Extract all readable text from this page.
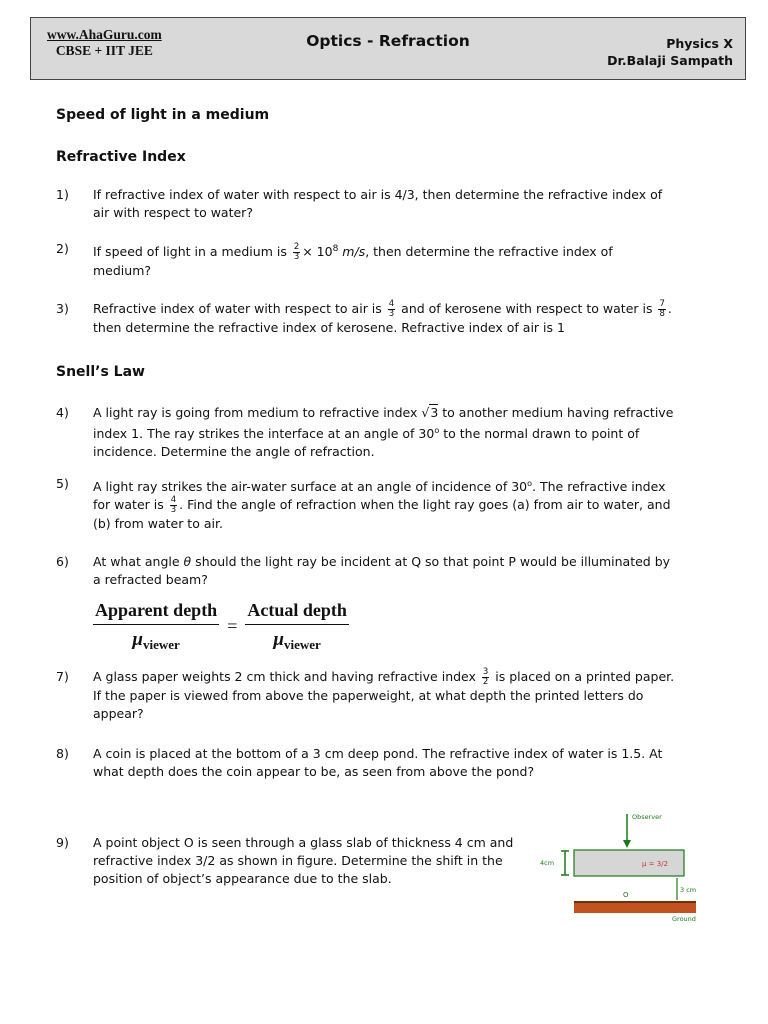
www.AhaGuru.com
CBSE + IIT JEE
Optics - Refraction	Physics X
Dr.Balaji Sampath
Speed of light in a medium
Refractive Index
1) If refractive index of water with respect to air is 4/3, then determine the refractive index of
air with respect to water?
2) If speed of light in a medium is $\frac{2}{3} \times 10^8$ m/s, then determine the refractive index of
medium?
3) Refractive index of water with respect to air is $\frac{4}{3}$ and of kerosene with respect to water is $\frac{7}{8}$ .
then determine the refractive index of kerosene. Refractive index of air is 1
Snell’s Law
4) A light ray is going from medium to refractive index √3 to another medium having refractive
index 1. The ray strikes the interface at an angle of 30$^o$ to the normal drawn to point of
incidence. Determine the angle of refraction.
5) A light ray strikes the air-water surface at an angle of incidence of 30$^o$. The refractive index
for water is $\frac{4}{3}$ . Find the angle of refraction when the light ray goes (a) from air to water, and
(b) from water to air.
6) At what angle θ should the light ray be incident at Q so that point P would be illuminated by
a refracted beam?
Apparent depth
$\mu_{viewer}$
=
Actual depth
$\mu_{viewer}$
7) A glass paper weights 2 cm thick and having refractive index $\frac{3}{2}$ is placed on a printed paper.
If the paper is viewed from above the paperweight, at what depth the printed letters do
appear?
8) A coin is placed at the bottom of a 3 cm deep pond. The refractive index of water is 1.5. At
what depth does the coin appear to be, as seen from above the pond?
9) A point object O is seen through a glass slab of thickness 4 cm and
refractive index 3/2 as shown in figure. Determine the shift in the
position of object’s appearance due to the slab.
Observer
μ = 3/2
4cm
O
3 cm
Ground
